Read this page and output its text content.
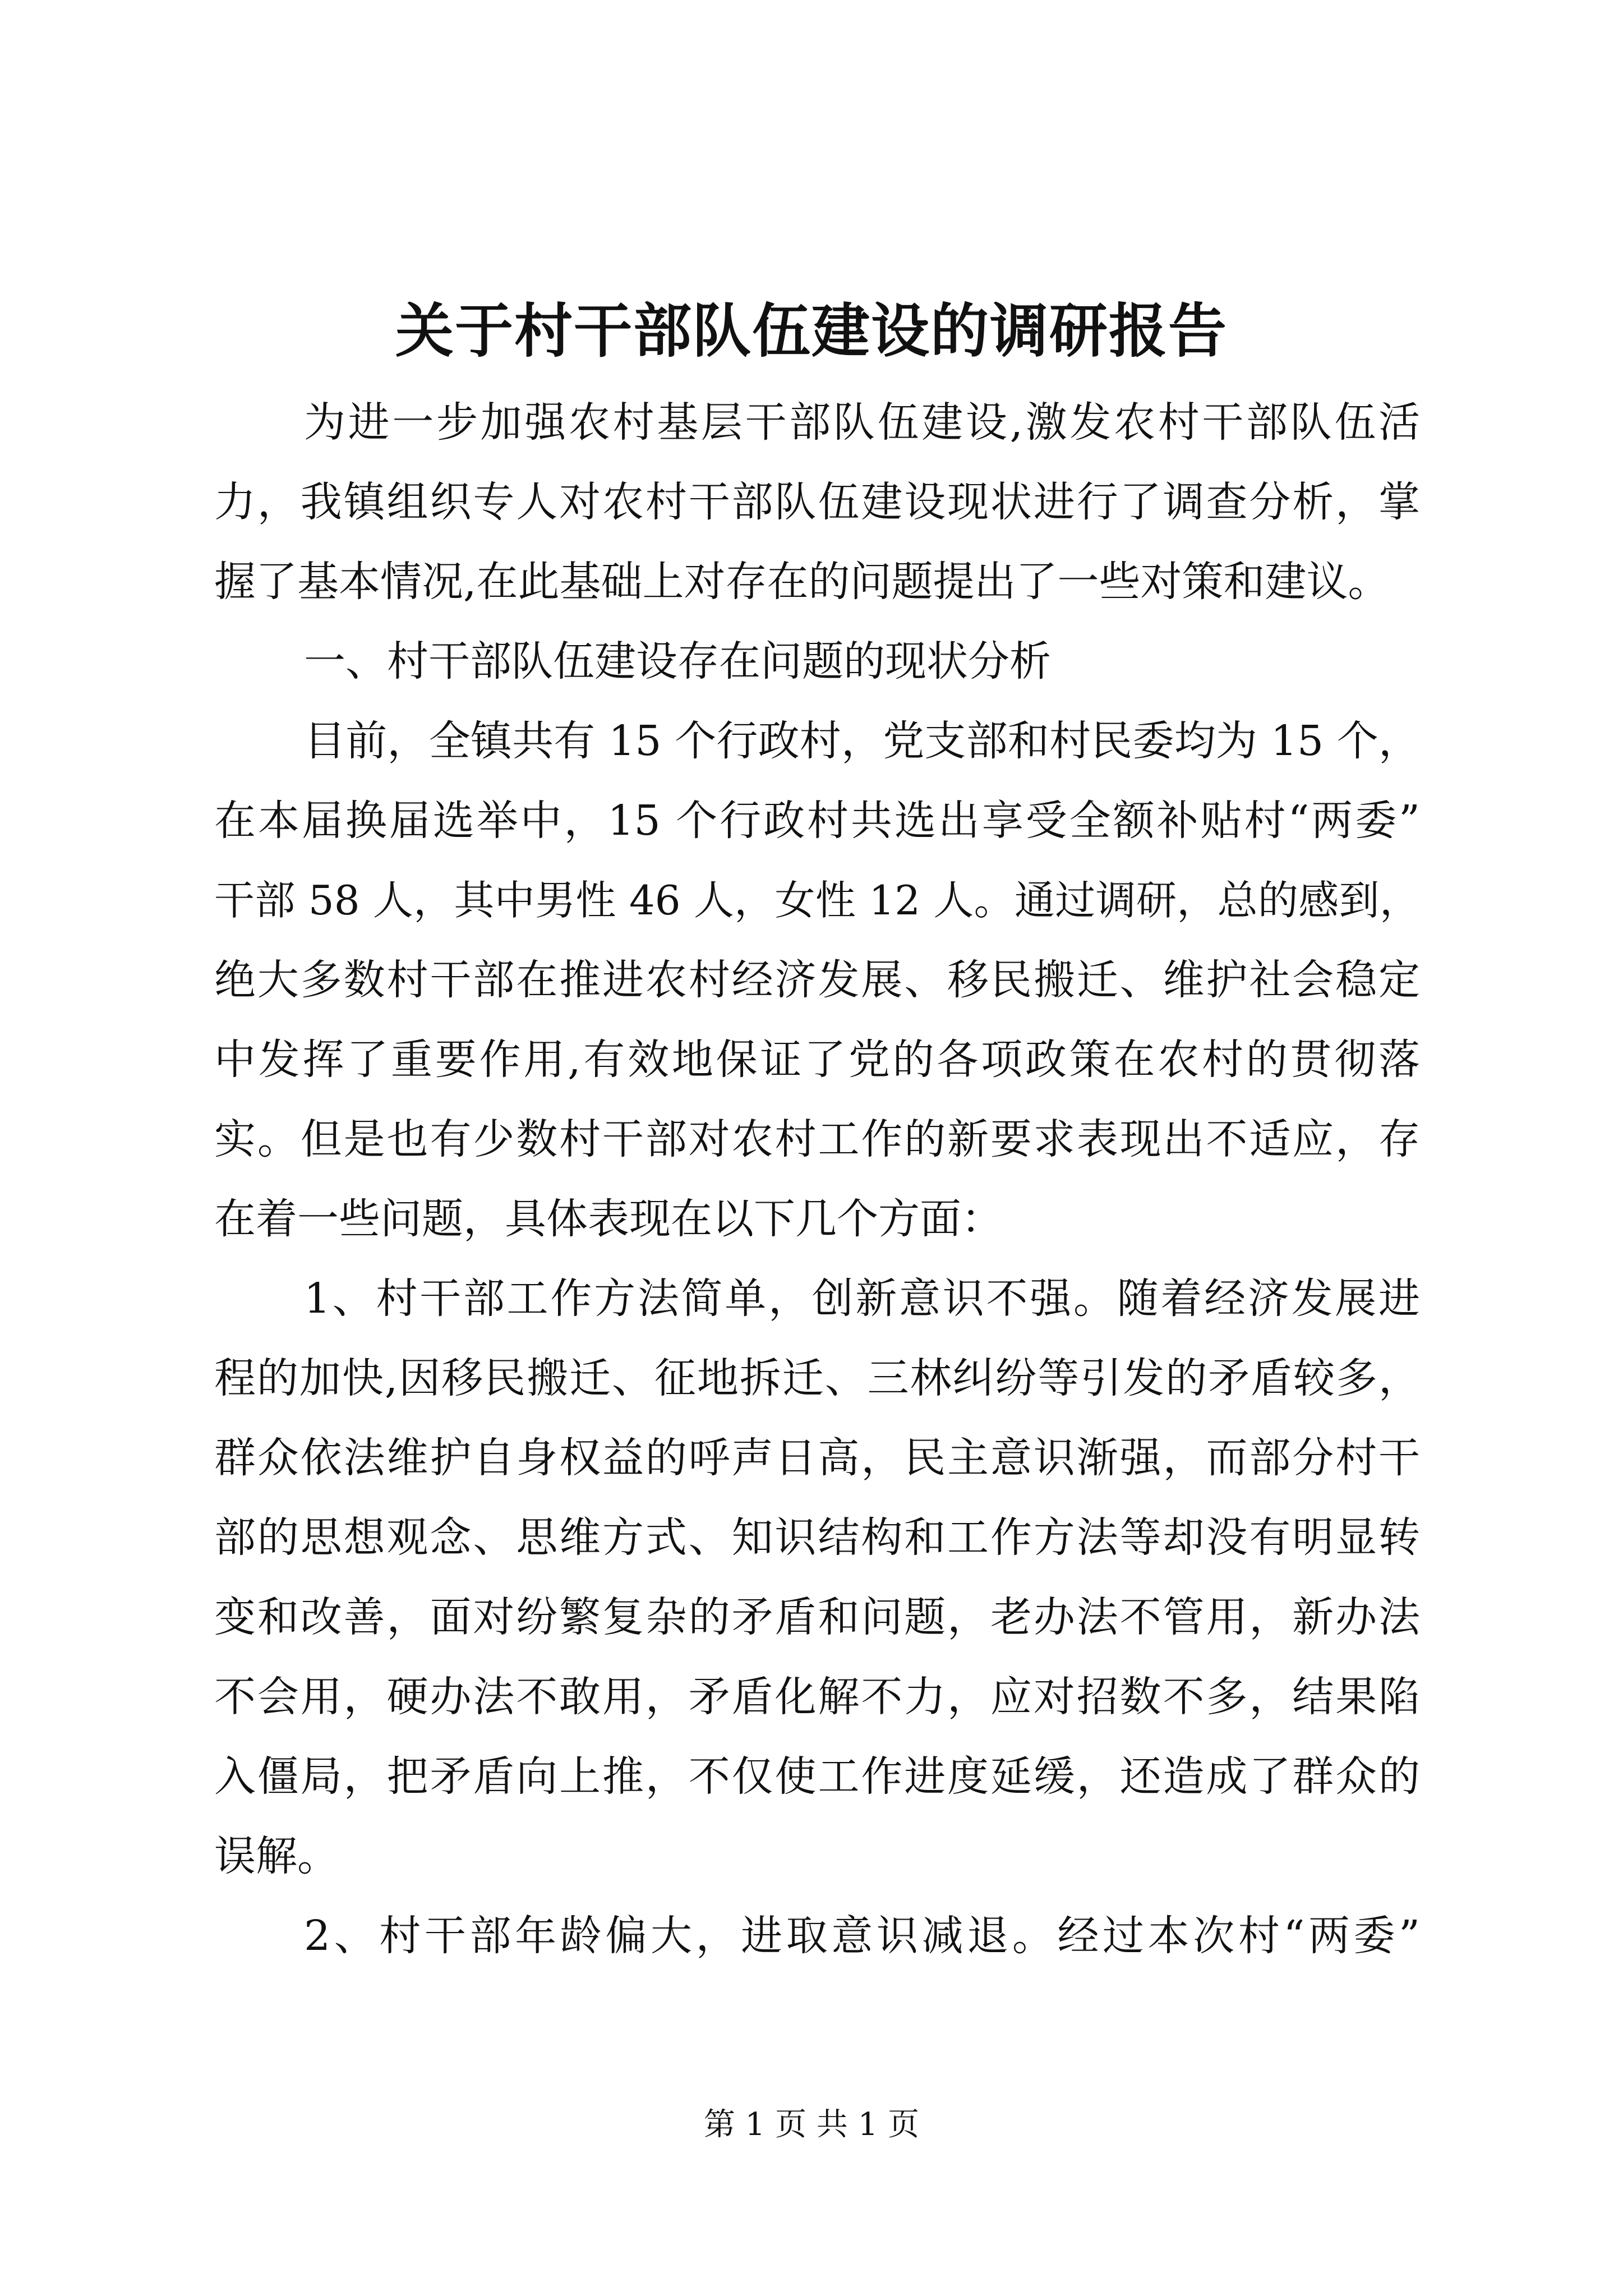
关于村干部队伍建设的调研报告
为进一步加强农村基层干部队伍建设,激发农村干部队伍活
力，我镇组织专人对农村干部队伍建设现状进行了调查分析，掌
握了基本情况,在此基础上对存在的问题提出了一些对策和建议。
一、村干部队伍建设存在问题的现状分析
目前，全镇共有 15 个行政村，党支部和村民委均为 15 个，
在本届换届选举中，15 个行政村共选出享受全额补贴村“两委”
干部 58 人，其中男性 46 人，女性 12 人。通过调研，总的感到，
绝大多数村干部在推进农村经济发展、移民搬迁、维护社会稳定
中发挥了重要作用,有效地保证了党的各项政策在农村的贯彻落
实。但是也有少数村干部对农村工作的新要求表现出不适应，存
在着一些问题，具体表现在以下几个方面：
1、村干部工作方法简单，创新意识不强。随着经济发展进
程的加快,因移民搬迁、征地拆迁、三林纠纷等引发的矛盾较多，
群众依法维护自身权益的呼声日高，民主意识渐强，而部分村干
部的思想观念、思维方式、知识结构和工作方法等却没有明显转
变和改善，面对纷繁复杂的矛盾和问题，老办法不管用，新办法
不会用，硬办法不敢用，矛盾化解不力，应对招数不多，结果陷
入僵局，把矛盾向上推，不仅使工作进度延缓，还造成了群众的
误解。
2、村干部年龄偏大，进取意识减退。经过本次村“两委”
第 1 页 共 1 页
